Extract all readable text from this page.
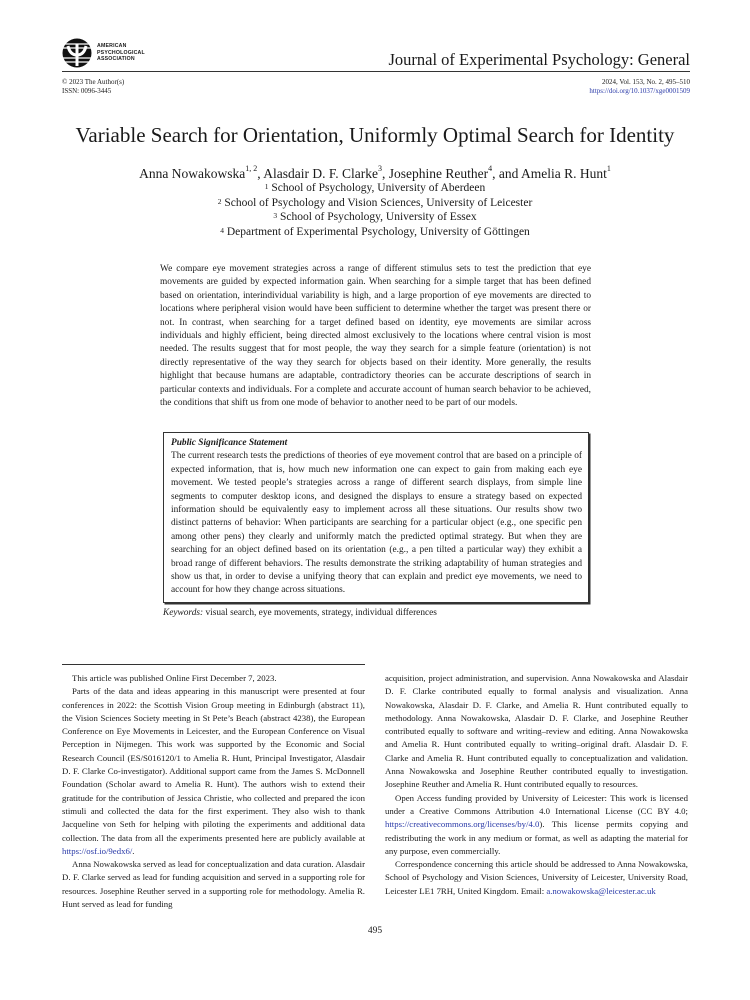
AMERICAN
PSYCHOLOGICAL
ASSOCIATION	Journal of Experimental Psychology: General
© 2023 The Author(s)
ISSN: 0096-3445
2024, Vol. 153, No. 2, 495–510
https://doi.org/10.1037/xge0001509
Variable Search for Orientation, Uniformly Optimal Search for Identity
Anna Nowakowska$^{1, 2}$, Alasdair D. F. Clarke$^3$, Josephine Reuther$^4$, and Amelia R. Hunt$^1$
$^1$ School of Psychology, University of Aberdeen
$^2$ School of Psychology and Vision Sciences, University of Leicester
$^3$ School of Psychology, University of Essex
$^4$ Department of Experimental Psychology, University of Göttingen
We compare eye movement strategies across a range of different stimulus sets to test the prediction that eye movements are guided by expected information gain. When searching for a simple target that has been defined based on orientation, interindividual variability is high, and a large proportion of eye movements are directed to locations where peripheral vision would have been sufficient to determine whether the target was present there or not. In contrast, when searching for a target defined based on identity, eye movements are similar across individuals and highly efficient, being directed almost exclusively to the locations where central vision is most needed. The results suggest that for most people, the way they search for a simple feature (orientation) is not directly representative of the way they search for objects based on their identity. More generally, the results highlight that because humans are adaptable, contradictory theories can be accurate descriptions of search in particular contexts and individuals. For a complete and accurate account of human search behavior to be achieved, the conditions that shift us from one mode of behavior to another need to be part of our models.
Public Significance Statement
The current research tests the predictions of theories of eye movement control that are based on a principle of expected information, that is, how much new information one can expect to gain from making each eye movement. We tested people’s strategies across a range of different search displays, from simple line segments to computer desktop icons, and designed the displays to ensure a strategy based on expected information should be equivalently easy to implement across all these situations. Our results show two distinct patterns of behavior: When participants are searching for a particular object (e.g., one specific pen among other pens) they clearly and uniformly match the predicted optimal strategy. But when they are searching for an object defined based on its orientation (e.g., a pen tilted a particular way) they exhibit a broad range of different behaviors. The results demonstrate the striking adaptability of human strategies and show us that, in order to devise a unifying theory that can explain and predict eye movements, we need to account for how they change across situations.
Keywords: visual search, eye movements, strategy, individual differences

This article was published Online First December 7, 2023.

Parts of the data and ideas appearing in this manuscript were presented at four conferences in 2022: the Scottish Vision Group meeting in Edinburgh (abstract 11), the Vision Sciences Society meeting in St Pete’s Beach (abstract 4238), the European Conference on Eye Movements in Leicester, and the European Conference on Visual Perception in Nijmegen. This work was supported by the Economic and Social Research Council (ES/S016120/1 to Amelia R. Hunt, Principal Investigator, Alasdair D. F. Clarke Co-investigator). Additional support came from the James S. McDonnell Foundation (Scholar award to Amelia R. Hunt). The authors wish to extend their gratitude for the contribution of Jessica Christie, who collected and prepared the icon stimuli and collected the data for the first experiment. They also wish to thank Jacqueline von Seth for helping with piloting the experiments and additional data collection. The data from all the experiments presented here are publicly available at https://osf.io/9edx6/.

Anna Nowakowska served as lead for conceptualization and data curation. Alasdair D. F. Clarke served as lead for funding acquisition and served in a supporting role for resources. Josephine Reuther served in a supporting role for methodology. Amelia R. Hunt served as lead for funding

acquisition, project administration, and supervision. Anna Nowakowska and Alasdair D. F. Clarke contributed equally to formal analysis and visualization. Anna Nowakowska, Alasdair D. F. Clarke, and Amelia R. Hunt contributed equally to methodology. Anna Nowakowska, Alasdair D. F. Clarke, and Josephine Reuther contributed equally to software and writing–review and editing. Anna Nowakowska and Amelia R. Hunt contributed equally to writing–original draft. Alasdair D. F. Clarke and Amelia R. Hunt contributed equally to conceptualization and validation. Anna Nowakowska and Josephine Reuther contributed equally to investigation. Josephine Reuther and Amelia R. Hunt contributed equally to resources.

Open Access funding provided by University of Leicester: This work is licensed under a Creative Commons Attribution 4.0 International License (CC BY 4.0; https://creativecommons.org/licenses/by/4.0). This license permits copying and redistributing the work in any medium or format, as well as adapting the material for any purpose, even commercially.

Correspondence concerning this article should be addressed to Anna Nowakowska, School of Psychology and Vision Sciences, University of Leicester, University Road, Leicester LE1 7RH, United Kingdom. Email: a.nowakowska@leicester.ac.uk

495
